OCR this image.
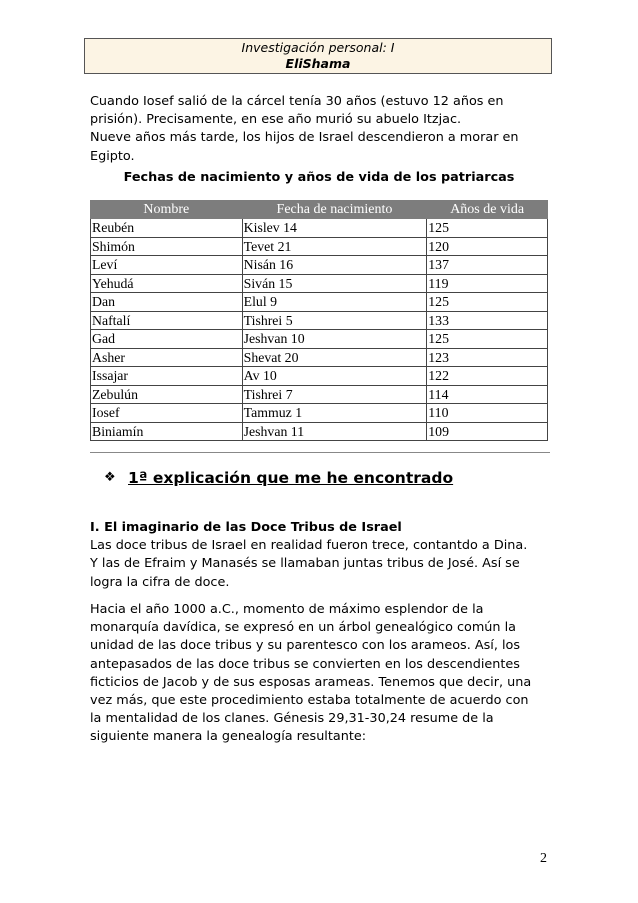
Investigación personal: I
EliShama
Cuando Iosef salió de la cárcel tenía 30 años (estuvo 12 años en
prisión). Precisamente, en ese año murió su abuelo Itzjac.
Nueve años más tarde, los hijos de Israel descendieron a morar en
Egipto.
Fechas de nacimiento y años de vida de los patriarcas
Nombre	Fecha de nacimiento	Años de vida
Reubén	Kislev 14	125
Shimón	Tevet 21	120
Leví	Nisán 16	137
Yehudá	Siván 15	119
Dan	Elul 9	125
Naftalí	Tishrei 5	133
Gad	Jeshvan 10	125
Asher	Shevat 20	123
Issajar	Av 10	122
Zebulún	Tishrei 7	114
Iosef	Tammuz 1	110
Biniamín	Jeshvan 11	109
❖ 1ª explicación que me he encontrado
I. El imaginario de las Doce Tribus de Israel
Las doce tribus de Israel en realidad fueron trece, contantdo a Dina.
Y las de Efraim y Manasés se llamaban juntas tribus de José. Así se
logra la cifra de doce.
Hacia el año 1000 a.C., momento de máximo esplendor de la
monarquía davídica, se expresó en un árbol genealógico común la
unidad de las doce tribus y su parentesco con los arameos. Así, los
antepasados de las doce tribus se convierten en los descendientes
ficticios de Jacob y de sus esposas arameas. Tenemos que decir, una
vez más, que este procedimiento estaba totalmente de acuerdo con
la mentalidad de los clanes. Génesis 29,31-30,24 resume de la
siguiente manera la genealogía resultante:
2
